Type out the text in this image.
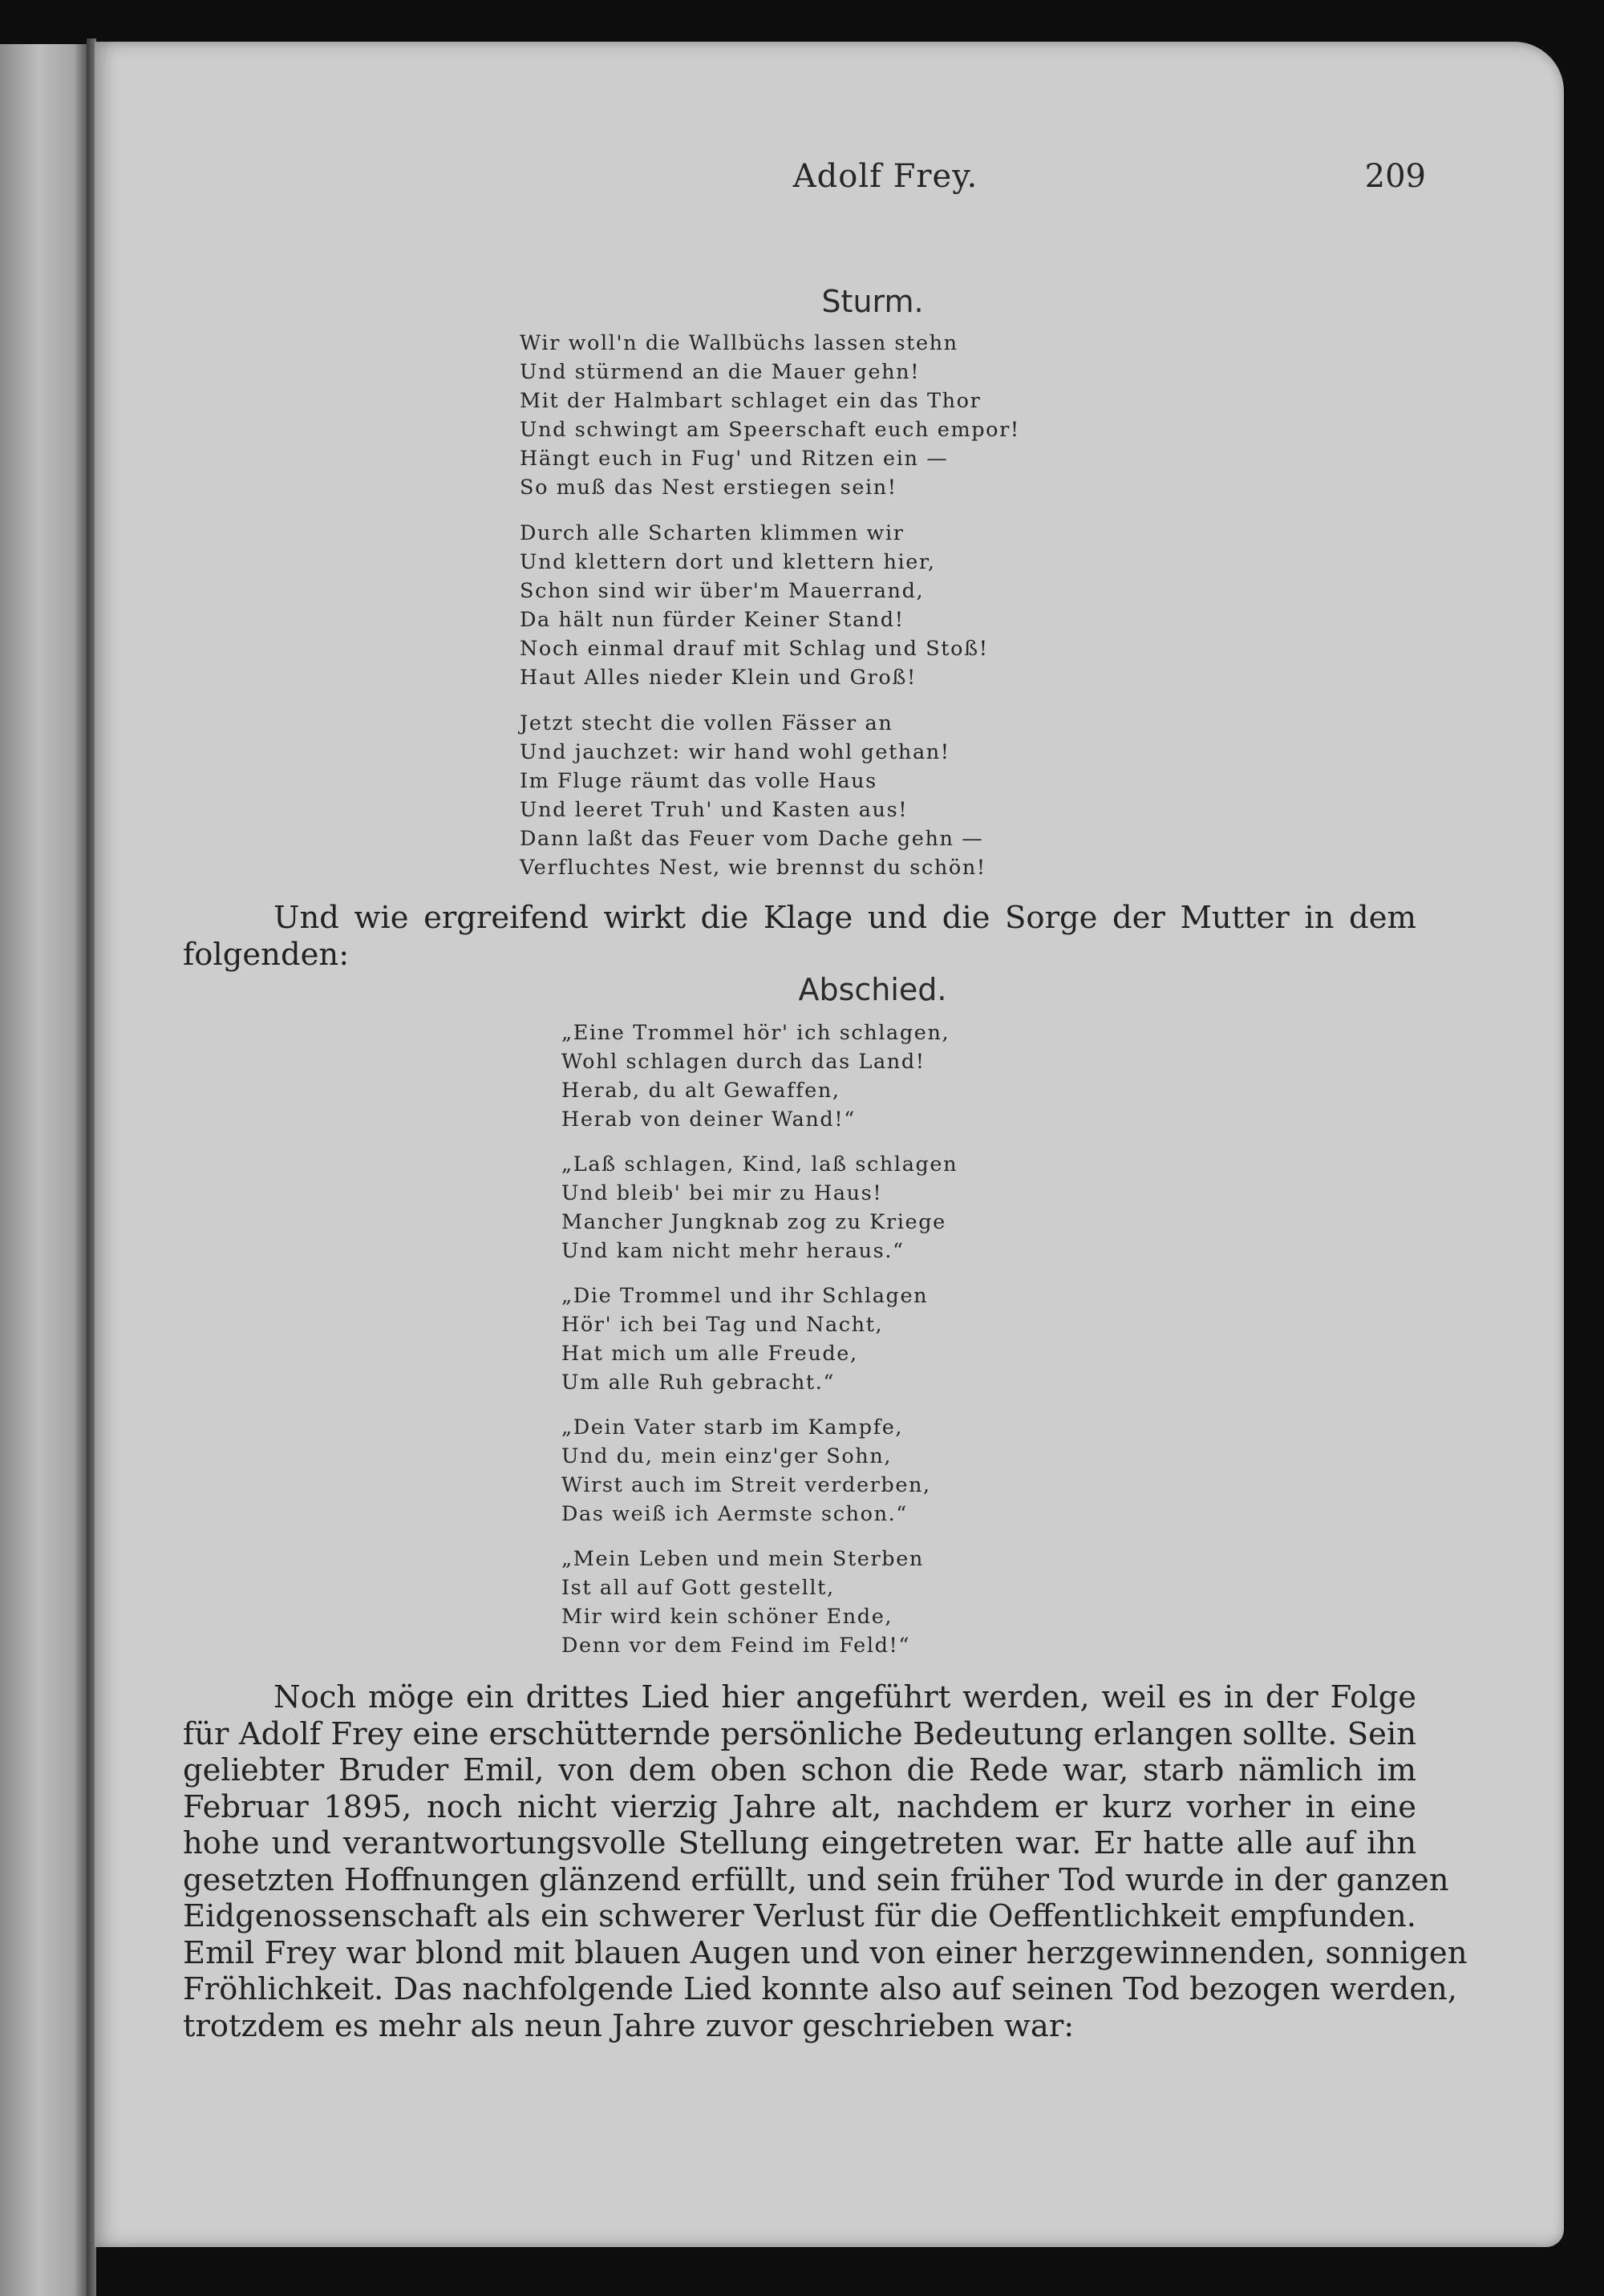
Adolf Frey.	209
Sturm.
Wir woll'n die Wallbüchs lassen stehn
Und stürmend an die Mauer gehn!
Mit der Halmbart schlaget ein das Thor
Und schwingt am Speerschaft euch empor!
Hängt euch in Fug' und Ritzen ein —
So muß das Nest erstiegen sein!
Durch alle Scharten klimmen wir
Und klettern dort und klettern hier,
Schon sind wir über'm Mauerrand,
Da hält nun fürder Keiner Stand!
Noch einmal drauf mit Schlag und Stoß!
Haut Alles nieder Klein und Groß!
Jetzt stecht die vollen Fässer an
Und jauchzet: wir hand wohl gethan!
Im Fluge räumt das volle Haus
Und leeret Truh' und Kasten aus!
Dann laßt das Feuer vom Dache gehn —
Verfluchtes Nest, wie brennst du schön!
Und wie ergreifend wirkt die Klage und die Sorge der Mutter in dem
folgenden:
Abschied.
„Eine Trommel hör' ich schlagen,
Wohl schlagen durch das Land!
Herab, du alt Gewaffen,
Herab von deiner Wand!“
„Laß schlagen, Kind, laß schlagen
Und bleib' bei mir zu Haus!
Mancher Jungknab zog zu Kriege
Und kam nicht mehr heraus.“
„Die Trommel und ihr Schlagen
Hör' ich bei Tag und Nacht,
Hat mich um alle Freude,
Um alle Ruh gebracht.“
„Dein Vater starb im Kampfe,
Und du, mein einz'ger Sohn,
Wirst auch im Streit verderben,
Das weiß ich Aermste schon.“
„Mein Leben und mein Sterben
Ist all auf Gott gestellt,
Mir wird kein schöner Ende,
Denn vor dem Feind im Feld!“
Noch möge ein drittes Lied hier angeführt werden, weil es in der Folge
für Adolf Frey eine erschütternde persönliche Bedeutung erlangen sollte. Sein
geliebter Bruder Emil, von dem oben schon die Rede war, starb nämlich im
Februar 1895, noch nicht vierzig Jahre alt, nachdem er kurz vorher in eine
hohe und verantwortungsvolle Stellung eingetreten war. Er hatte alle auf ihn
gesetzten Hoffnungen glänzend erfüllt, und sein früher Tod wurde in der ganzen
Eidgenossenschaft als ein schwerer Verlust für die Oeffentlichkeit empfunden.
Emil Frey war blond mit blauen Augen und von einer herzgewinnenden, sonnigen
Fröhlichkeit. Das nachfolgende Lied konnte also auf seinen Tod bezogen werden,
trotzdem es mehr als neun Jahre zuvor geschrieben war:
